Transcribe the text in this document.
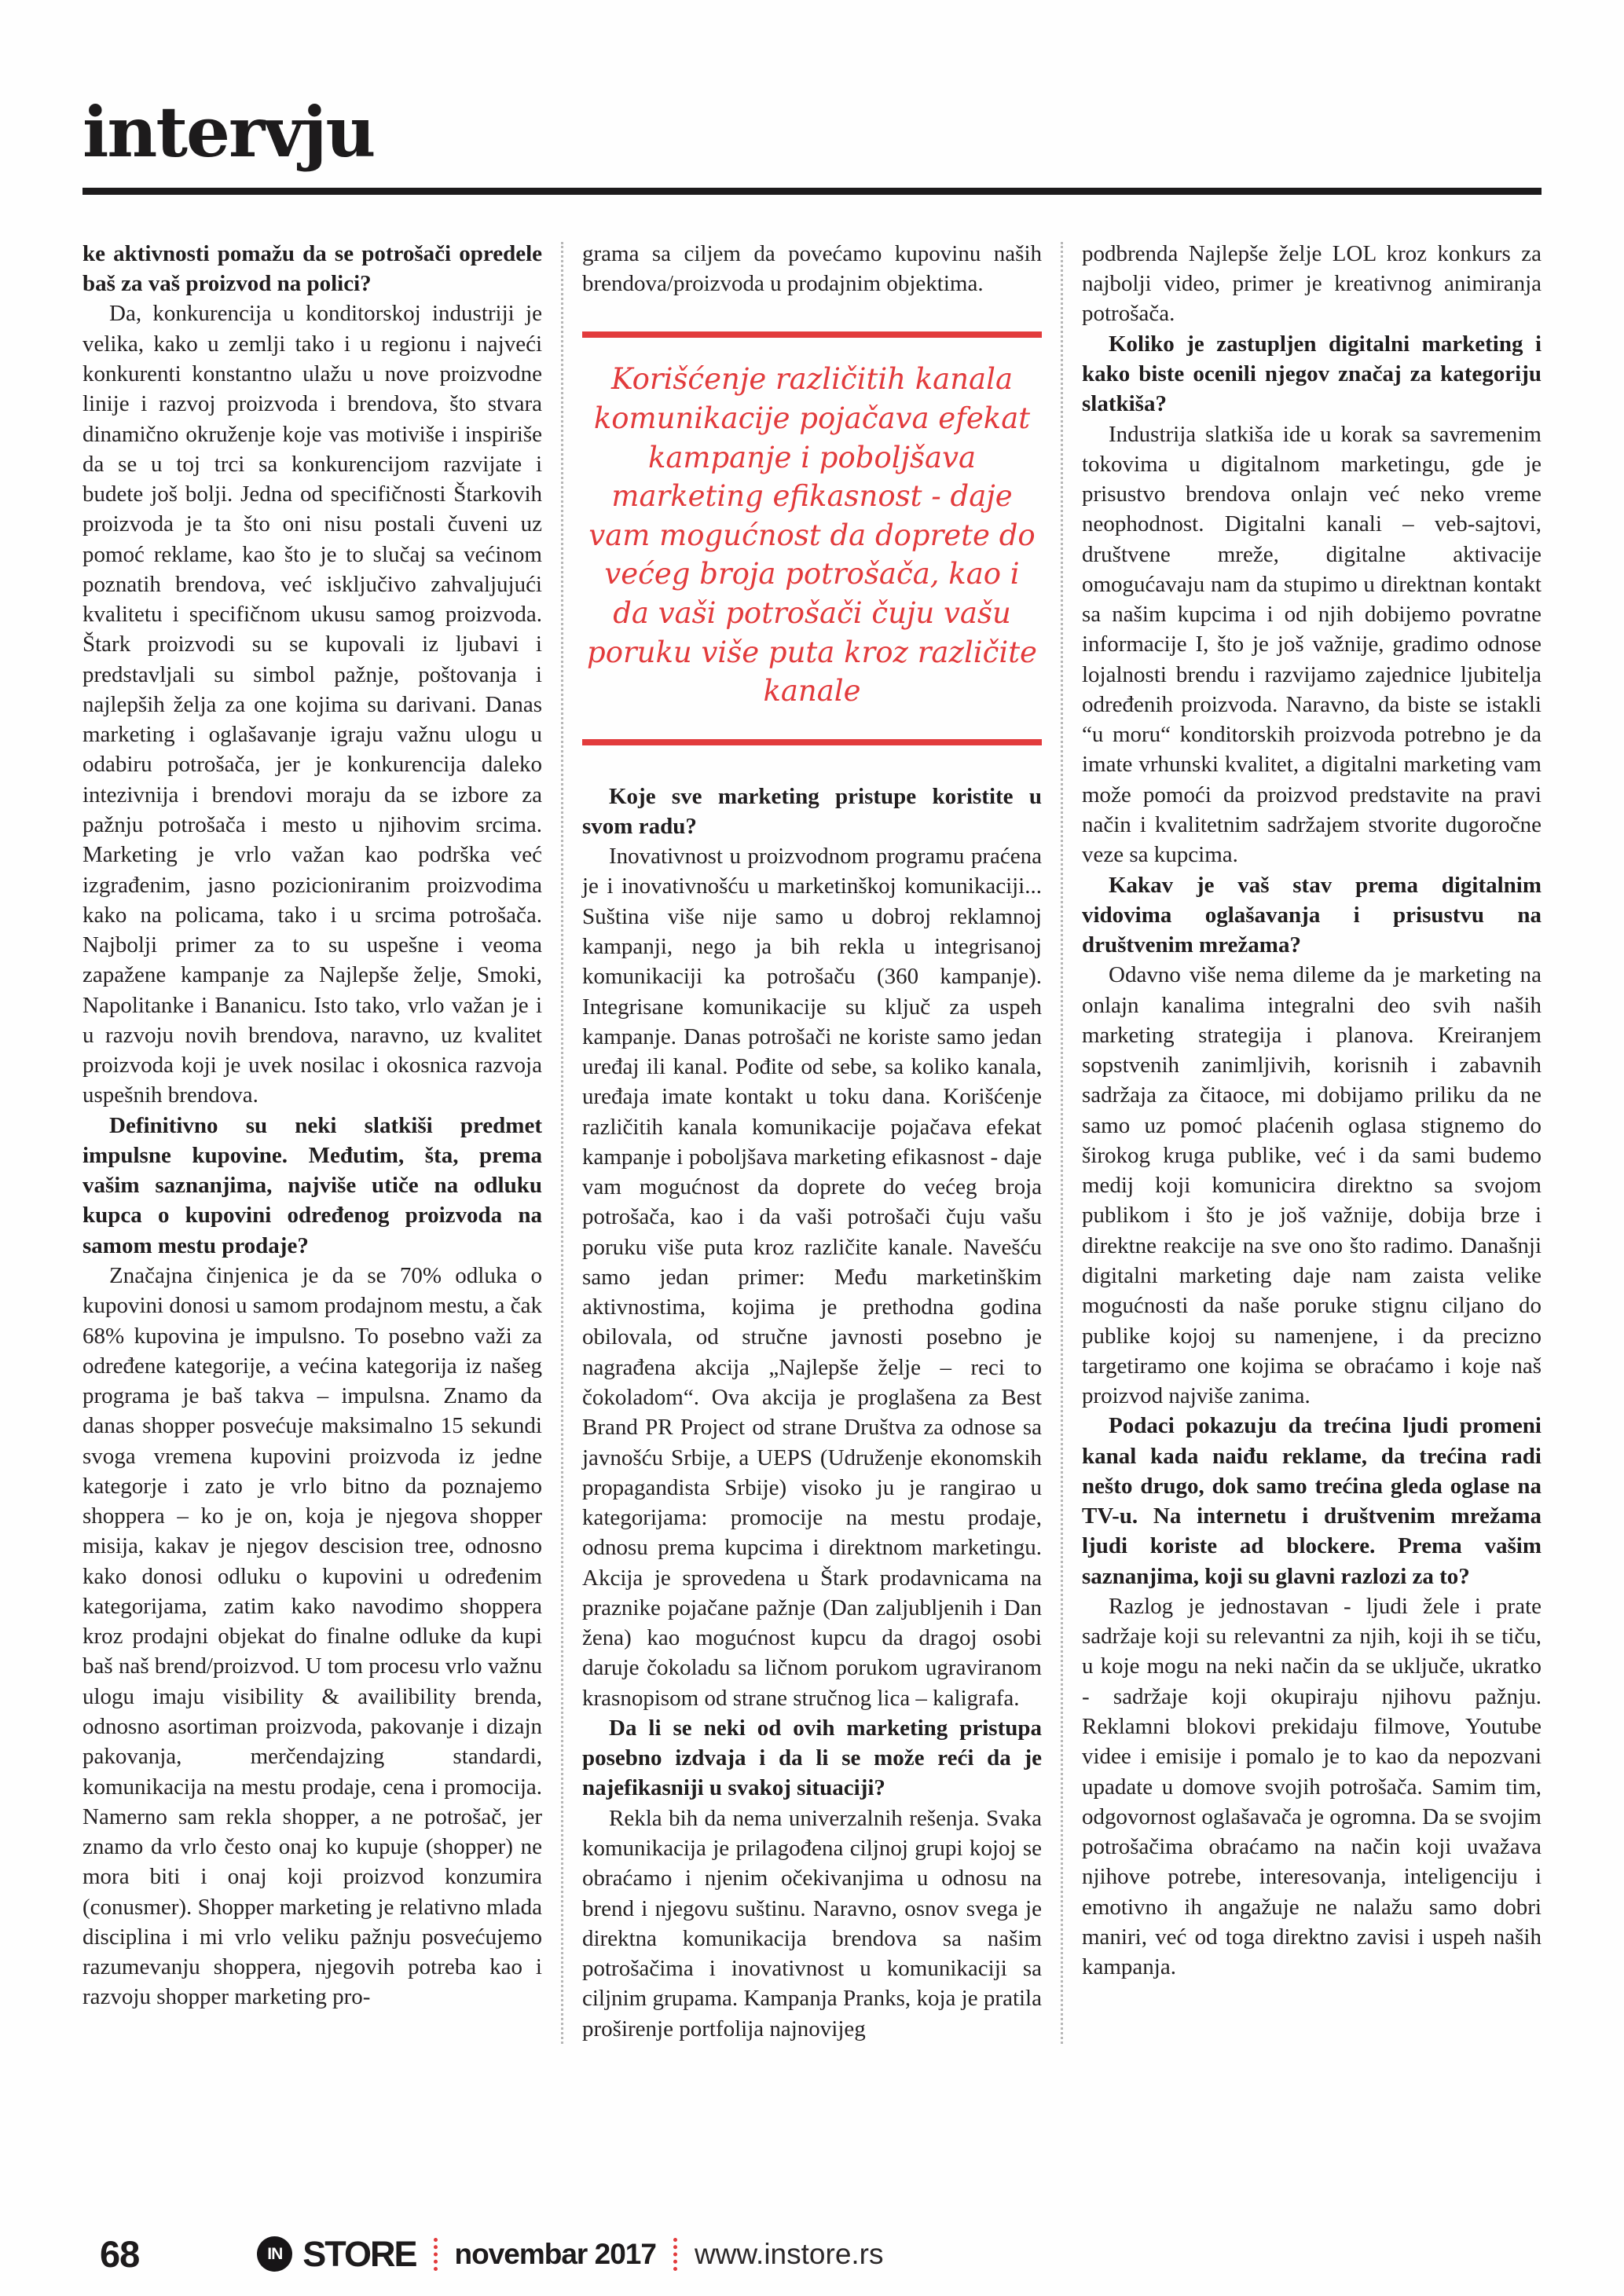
intervju

ke aktivnosti pomažu da se potrošači opredele baš za vaš proizvod na polici?

Da, konkurencija u konditorskoj industriji je velika, kako u zemlji tako i u regionu i najveći konkurenti konstantno ulažu u nove proizvodne linije i razvoj proizvoda i brendova, što stvara dinamično okruženje koje vas motiviše i inspiriše da se u toj trci sa konkurencijom razvijate i budete još bolji. Jedna od specifičnosti Štarkovih proizvoda je ta što oni nisu postali čuveni uz pomoć reklame, kao što je to slučaj sa većinom poznatih brendova, već isključivo zahvaljujući kvalitetu i specifičnom ukusu samog proizvoda. Štark proizvodi su se kupovali iz ljubavi i predstavljali su simbol pažnje, poštovanja i najlepših želja za one kojima su darivani. Danas marketing i oglašavanje igraju važnu ulogu u odabiru potrošača, jer je konkurencija daleko intezivnija i brendovi moraju da se izbore za pažnju potrošača i mesto u njihovim srcima. Marketing je vrlo važan kao podrška već izgrađenim, jasno pozicioniranim proizvodima kako na policama, tako i u srcima potrošača. Najbolji primer za to su uspešne i veoma zapažene kampanje za Najlepše želje, Smoki, Napolitanke i Bananicu. Isto tako, vrlo važan je i u razvoju novih brendova, naravno, uz kvalitet proizvoda koji je uvek nosilac i okosnica razvoja uspešnih brendova.

Definitivno su neki slatkiši predmet impulsne kupovine. Međutim, šta, prema vašim saznanjima, najviše utiče na odluku kupca o kupovini određenog proizvoda na samom mestu prodaje?

Značajna činjenica je da se 70% odluka o kupovini donosi u samom prodajnom mestu, a čak 68% kupovina je impulsno. To posebno važi za određene kategorije, a većina kategorija iz našeg programa je baš takva – impulsna. Znamo da danas shopper posvećuje maksimalno 15 sekundi svoga vremena kupovini proizvoda iz jedne kategorje i zato je vrlo bitno da poznajemo shoppera – ko je on, koja je njegova shopper misija, kakav je njegov descision tree, odnosno kako donosi odluku o kupovini u određenim kategorijama, zatim kako navodimo shoppera kroz prodajni objekat do finalne odluke da kupi baš naš brend/proizvod. U tom procesu vrlo važnu ulogu imaju visibility & availibility brenda, odnosno asortiman proizvoda, pakovanje i dizajn pakovanja, merčendajzing standardi, komunikacija na mestu prodaje, cena i promocija. Namerno sam rekla shopper, a ne potrošač, jer znamo da vrlo često onaj ko kupuje (shopper) ne mora biti i onaj koji proizvod konzumira (conusmer). Shopper marketing je relativno mlada disciplina i mi vrlo veliku pažnju posvećujemo razumevanju shoppera, njegovih potreba kao i razvoju shopper marketing pro-

grama sa ciljem da povećamo kupovinu naših brendova/proizvoda u prodajnim objektima.

Korišćenje različitih kanala komunikacije pojačava efekat kampanje i poboljšava marketing efikasnost - daje vam mogućnost da doprete do većeg broja potrošača, kao i da vaši potrošači čuju vašu poruku više puta kroz različite kanale

Koje sve marketing pristupe koristite u svom radu?

Inovativnost u proizvodnom programu praćena je i inovativnošću u marketinškoj komunikaciji... Suština više nije samo u dobroj reklamnoj kampanji, nego ja bih rekla u integrisanoj komunikaciji ka potrošaču (360 kampanje). Integrisane komunikacije su ključ za uspeh kampanje. Danas potrošači ne koriste samo jedan uređaj ili kanal. Pođite od sebe, sa koliko kanala, uređaja imate kontakt u toku dana. Korišćenje različitih kanala komunikacije pojačava efekat kampanje i poboljšava marketing efikasnost - daje vam mogućnost da doprete do većeg broja potrošača, kao i da vaši potrošači čuju vašu poruku više puta kroz različite kanale. Navešću samo jedan primer: Među marketinškim aktivnostima, kojima je prethodna godina obilovala, od stručne javnosti posebno je nagrađena akcija „Najlepše želje – reci to čokoladom“. Ova akcija je proglašena za Best Brand PR Project od strane Društva za odnose sa javnošću Srbije, a UEPS (Udruženje ekonomskih propagandista Srbije) visoko ju je rangirao u kategorijama: promocije na mestu prodaje, odnosu prema kupcima i direktnom marketingu. Akcija je sprovedena u Štark prodavnicama na praznike pojačane pažnje (Dan zaljubljenih i Dan žena) kao mogućnost kupcu da dragoj osobi daruje čokoladu sa ličnom porukom ugraviranom krasnopisom od strane stručnog lica – kaligrafa.

Da li se neki od ovih marketing pristupa posebno izdvaja i da li se može reći da je najefikasniji u svakoj situaciji?

Rekla bih da nema univerzalnih rešenja. Svaka komunikacija je prilagođena ciljnoj grupi kojoj se obraćamo i njenim očekivanjima u odnosu na brend i njegovu suštinu. Naravno, osnov svega je direktna komunikacija brendova sa našim potrošačima i inovativnost u komunikaciji sa ciljnim grupama. Kampanja Pranks, koja je pratila proširenje portfolija najnovijeg

podbrenda Najlepše želje LOL kroz konkurs za najbolji video, primer je kreativnog animiranja potrošača.

Koliko je zastupljen digitalni marketing i kako biste ocenili njegov značaj za kategoriju slatkiša?

Industrija slatkiša ide u korak sa savremenim tokovima u digitalnom marketingu, gde je prisustvo brendova onlajn već neko vreme neophodnost. Digitalni kanali – veb-sajtovi, društvene mreže, digitalne aktivacije omogućavaju nam da stupimo u direktnan kontakt sa našim kupcima i od njih dobijemo povratne informacije I, što je još važnije, gradimo odnose lojalnosti brendu i razvijamo zajednice ljubitelja određenih proizvoda. Naravno, da biste se istakli “u moru“ konditorskih proizvoda potrebno je da imate vrhunski kvalitet, a digitalni marketing vam može pomoći da proizvod predstavite na pravi način i kvalitetnim sadržajem stvorite dugoročne veze sa kupcima.

Kakav je vaš stav prema digitalnim vidovima oglašavanja i prisustvu na društvenim mrežama?

Odavno više nema dileme da je marketing na onlajn kanalima integralni deo svih naših marketing strategija i planova. Kreiranjem sopstvenih zanimljivih, korisnih i zabavnih sadržaja za čitaoce, mi dobijamo priliku da ne samo uz pomoć plaćenih oglasa stignemo do širokog kruga publike, već i da sami budemo medij koji komunicira direktno sa svojom publikom i što je još važnije, dobija brze i direktne reakcije na sve ono što radimo. Današnji digitalni marketing daje nam zaista velike mogućnosti da naše poruke stignu ciljano do publike kojoj su namenjene, i da precizno targetiramo one kojima se obraćamo i koje naš proizvod najviše zanima.

Podaci pokazuju da trećina ljudi promeni kanal kada naiđu reklame, da trećina radi nešto drugo, dok samo trećina gleda oglase na TV-u. Na internetu i društvenim mrežama ljudi koriste ad blockere. Prema vašim saznanjima, koji su glavni razlozi za to?

Razlog je jednostavan - ljudi žele i prate sadržaje koji su relevantni za njih, koji ih se tiču, u koje mogu na neki način da se uključe, ukratko - sadržaje koji okupiraju njihovu pažnju. Reklamni blokovi prekidaju filmove, Youtube videe i emisije i pomalo je to kao da nepozvani upadate u domove svojih potrošača. Samim tim, odgovornost oglašavača je ogromna. Da se svojim potrošačima obraćamo na način koji uvažava njihove potrebe, interesovanja, inteligenciju i emotivno ih angažuje ne nalažu samo dobri maniri, već od toga direktno zavisi i uspeh naših kampanja.

68	IN STORE novembar 2017 www.instore.rs
